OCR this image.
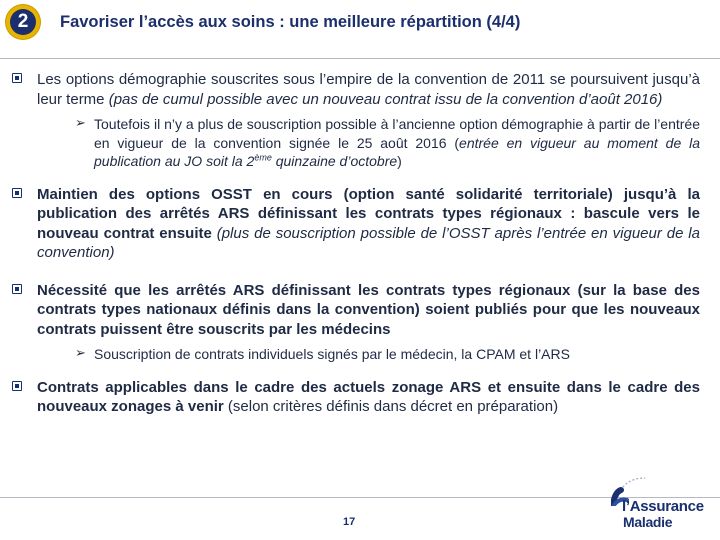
2	Favoriser l’accès aux soins : une meilleure répartition (4/4)

Les options démographie souscrites sous l’empire de la convention de 2011 se poursuivent jusqu’à leur terme (pas de cumul possible avec un nouveau contrat issu de la convention d’août 2016)

➢ Toutefois il n’y a plus de souscription possible à l’ancienne option démographie à partir de l’entrée en vigueur de la convention signée le 25 août 2016 (entrée en vigueur au moment de la publication au JO soit la 2ème quinzaine d’octobre)

Maintien des options OSST en cours (option santé solidarité territoriale) jusqu’à la publication des arrêtés ARS définissant les contrats types régionaux : bascule vers le nouveau contrat ensuite (plus de souscription possible de l’OSST après l’entrée en vigueur de la convention)

Nécessité que les arrêtés ARS définissant les contrats types régionaux (sur la base des contrats types nationaux définis dans la convention) soient publiés pour que les nouveaux contrats puissent être souscrits par les médecins

➢ Souscription de contrats individuels signés par le médecin, la CPAM et l’ARS

Contrats applicables dans le cadre des actuels zonage ARS et ensuite dans le cadre des nouveaux zonages à venir (selon critères définis dans décret en préparation)

17
l’Assurance
Maladie
